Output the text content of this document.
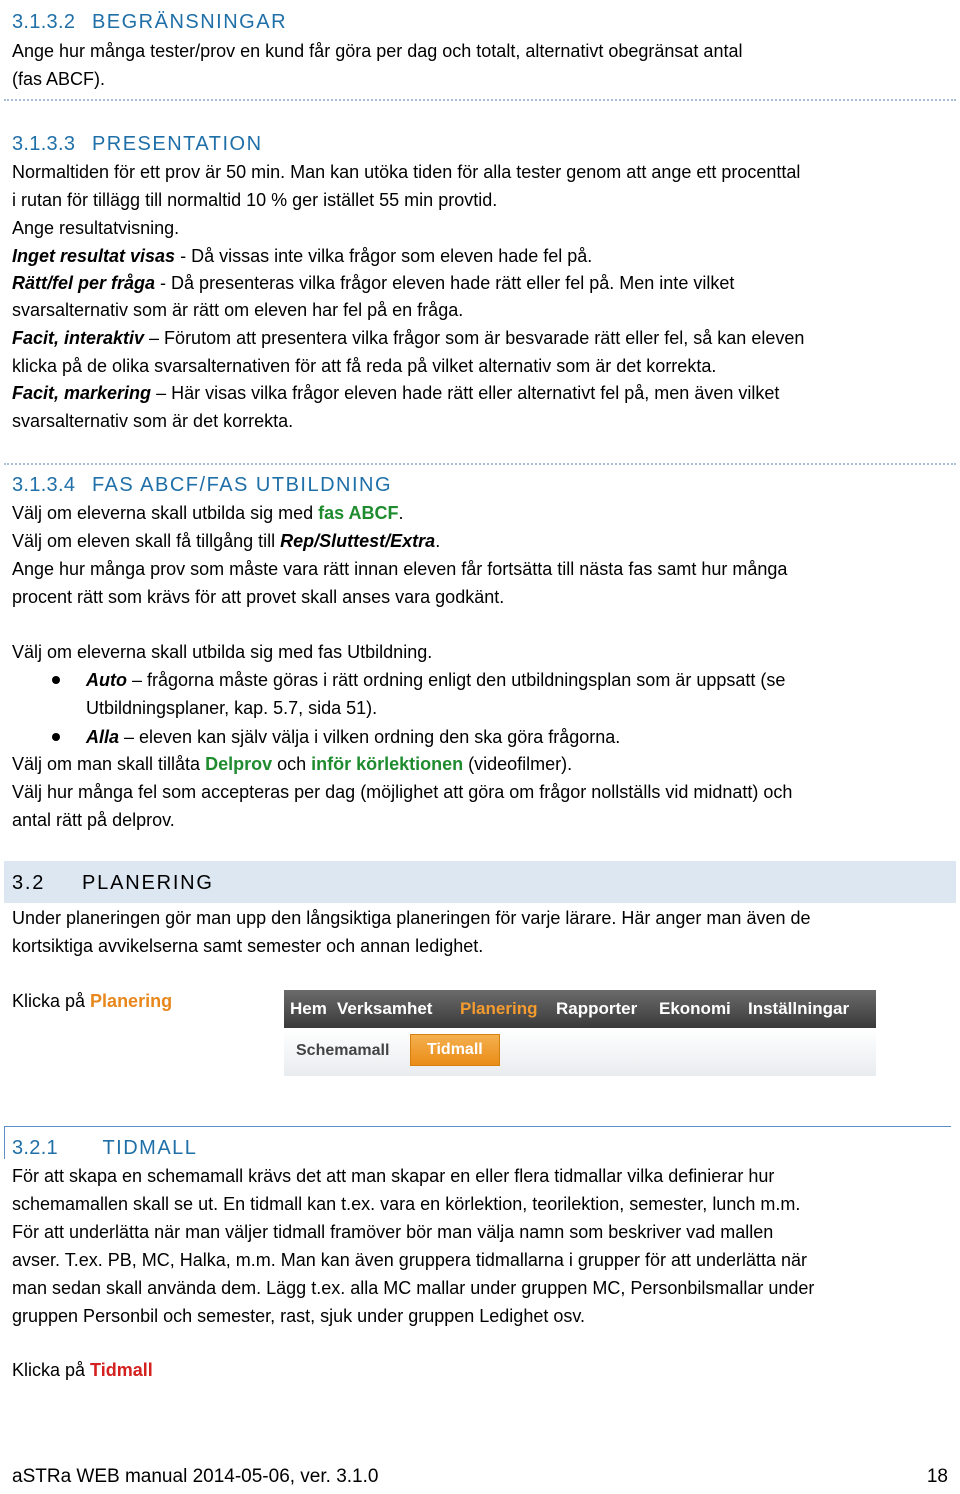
3.1.3.2 BEGRÄNSNINGAR
Ange hur många tester/prov en kund får göra per dag och totalt, alternativt obegränsat antal
(fas ABCF).
3.1.3.3 PRESENTATION
Normaltiden för ett prov är 50 min. Man kan utöka tiden för alla tester genom att ange ett procenttal
i rutan för tillägg till normaltid 10 % ger istället 55 min provtid.
Ange resultatvisning.
Inget resultat visas - Då vissas inte vilka frågor som eleven hade fel på.
Rätt/fel per fråga - Då presenteras vilka frågor eleven hade rätt eller fel på. Men inte vilket
svarsalternativ som är rätt om eleven har fel på en fråga.
Facit, interaktiv – Förutom att presentera vilka frågor som är besvarade rätt eller fel, så kan eleven
klicka på de olika svarsalternativen för att få reda på vilket alternativ som är det korrekta.
Facit, markering – Här visas vilka frågor eleven hade rätt eller alternativt fel på, men även vilket
svarsalternativ som är det korrekta.
3.1.3.4 FAS ABCF/FAS UTBILDNING
Välj om eleverna skall utbilda sig med fas ABCF.
Välj om eleven skall få tillgång till Rep/Sluttest/Extra.
Ange hur många prov som måste vara rätt innan eleven får fortsätta till nästa fas samt hur många
procent rätt som krävs för att provet skall anses vara godkänt.
Välj om eleverna skall utbilda sig med fas Utbildning.
Auto – frågorna måste göras i rätt ordning enligt den utbildningsplan som är uppsatt (se
Utbildningsplaner, kap. 5.7, sida 51).
Alla – eleven kan själv välja i vilken ordning den ska göra frågorna.
Välj om man skall tillåta Delprov och inför körlektionen (videofilmer).
Välj hur många fel som accepteras per dag (möjlighet att göra om frågor nollställs vid midnatt) och
antal rätt på delprov.
3.2 PLANERING
Under planeringen gör man upp den långsiktiga planeringen för varje lärare. Här anger man även de
kortsiktiga avvikelserna samt semester och annan ledighet.
Klicka på Planering	Hem Verksamhet Planering Rapporter Ekonomi Inställningar
Schemamall	Tidmall
3.2.1 TIDMALL
För att skapa en schemamall krävs det att man skapar en eller flera tidmallar vilka definierar hur
schemamallen skall se ut. En tidmall kan t.ex. vara en körlektion, teorilektion, semester, lunch m.m.
För att underlätta när man väljer tidmall framöver bör man välja namn som beskriver vad mallen
avser. T.ex. PB, MC, Halka, m.m. Man kan även gruppera tidmallarna i grupper för att underlätta när
man sedan skall använda dem. Lägg t.ex. alla MC mallar under gruppen MC, Personbilsmallar under
gruppen Personbil och semester, rast, sjuk under gruppen Ledighet osv.
Klicka på Tidmall
aSTRa WEB manual 2014-05-06, ver. 3.1.0	18
